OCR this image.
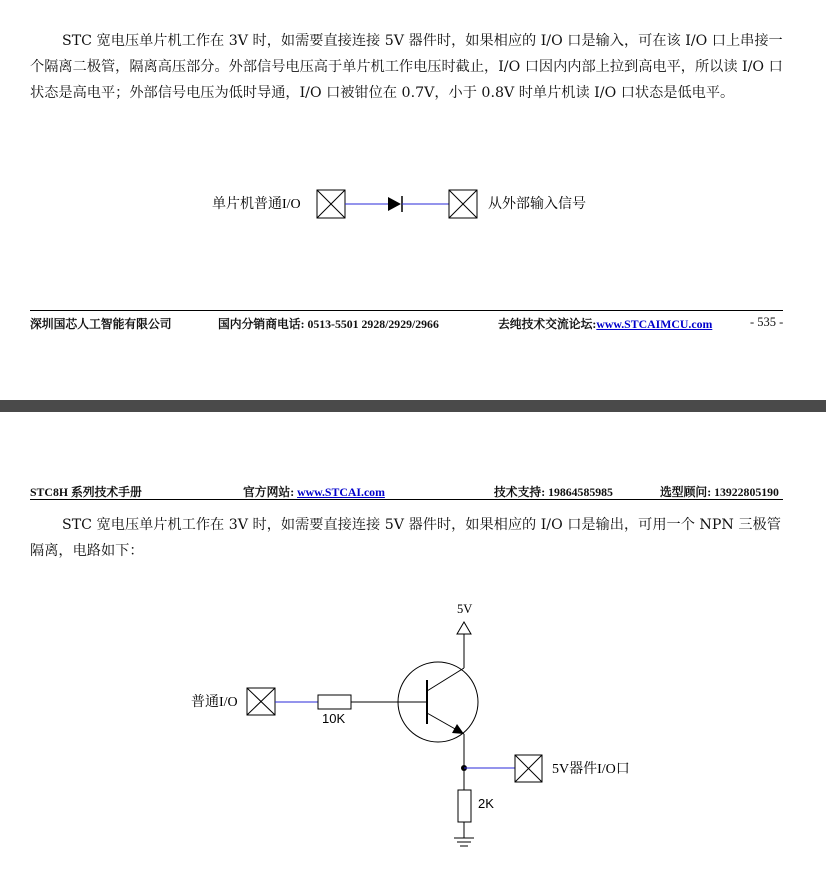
STC 宽电压单片机工作在 3V 时，如需要直接连接 5V 器件时，如果相应的 I/O 口是输入，可在该 I/O 口上串接一个隔离二极管，隔离高压部分。外部信号电压高于单片机工作电压时截止，I/O 口因内内部上拉到高电平，所以读 I/O 口状态是高电平；外部信号电压为低时导通，I/O 口被钳位在 0.7V，小于 0.8V 时单片机读 I/O 口状态是低电平。

单片机普通I/O	从外部输入信号
深圳国芯人工智能有限公司	国内分销商电话: 0513-5501 2928/2929/2966	去纯技术交流论坛:www.STCAIMCU.com	- 535 -
STC8H 系列技术手册	官方网站: www.STCAI.com	技术支持: 19864585985	选型顾问: 13922805190

STC 宽电压单片机工作在 3V 时，如需要直接连接 5V 器件时，如果相应的 I/O 口是输出，可用一个 NPN 三极管隔离，电路如下：

5V
普通I/O
10K
5V器件I/O口
2K
